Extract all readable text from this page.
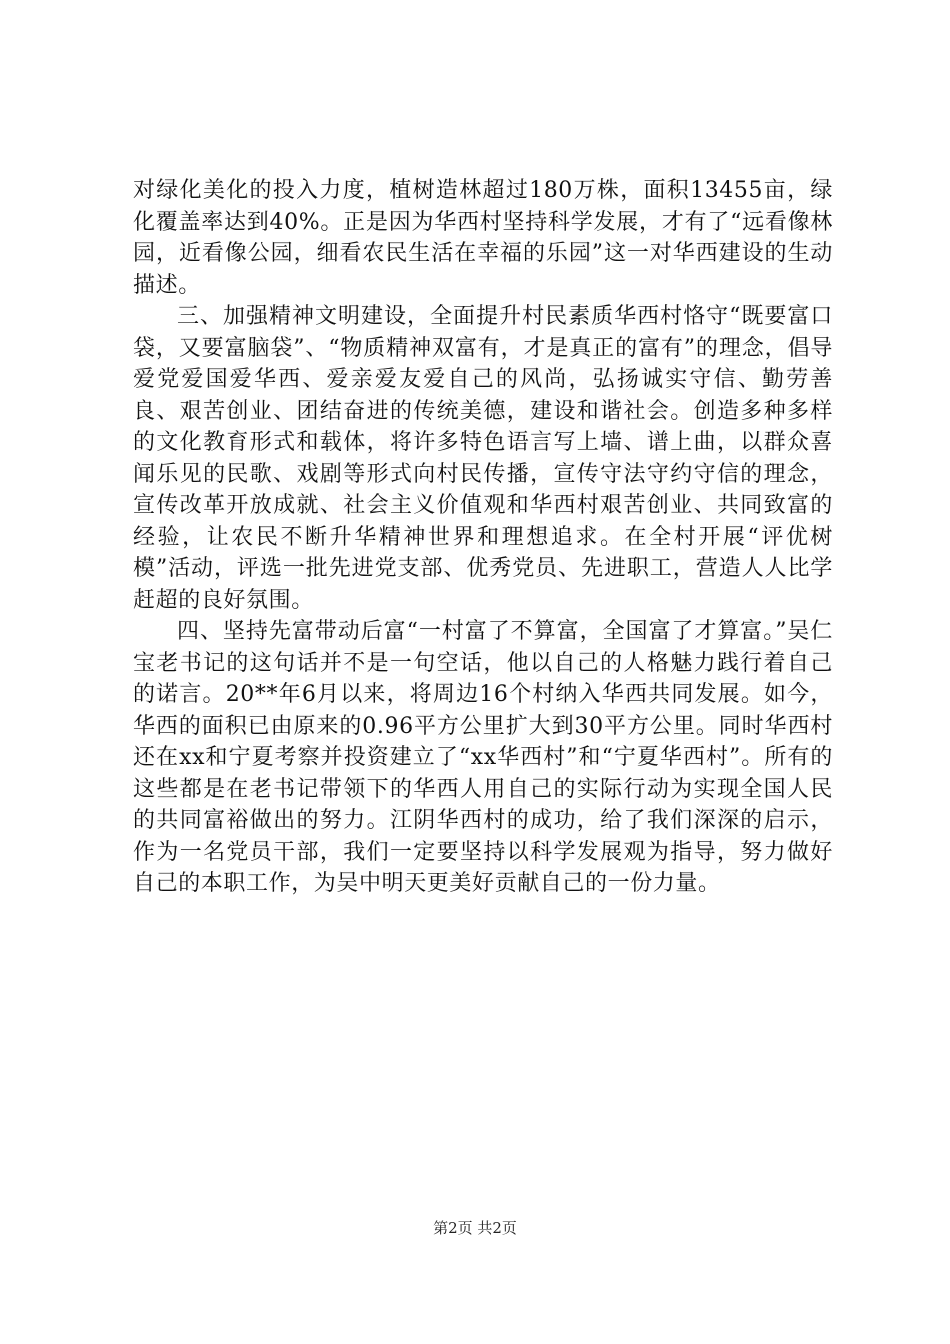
对绿化美化的投入力度，植树造林超过180万株，面积13455亩，绿化覆盖率达到40%。正是因为华西村坚持科学发展，才有了“远看像林园，近看像公园，细看农民生活在幸福的乐园”这一对华西建设的生动描述。

三、加强精神文明建设，全面提升村民素质华西村恪守“既要富口袋，又要富脑袋”、“物质精神双富有，才是真正的富有”的理念，倡导爱党爱国爱华西、爱亲爱友爱自己的风尚，弘扬诚实守信、勤劳善良、艰苦创业、团结奋进的传统美德，建设和谐社会。创造多种多样的文化教育形式和载体，将许多特色语言写上墙、谱上曲，以群众喜闻乐见的民歌、戏剧等形式向村民传播，宣传守法守约守信的理念，宣传改革开放成就、社会主义价值观和华西村艰苦创业、共同致富的经验，让农民不断升华精神世界和理想追求。在全村开展“评优树模”活动，评选一批先进党支部、优秀党员、先进职工，营造人人比学赶超的良好氛围。

四、坚持先富带动后富“一村富了不算富，全国富了才算富。”吴仁宝老书记的这句话并不是一句空话，他以自己的人格魅力践行着自己的诺言。20**年6月以来，将周边16个村纳入华西共同发展。如今，华西的面积已由原来的0.96平方公里扩大到30平方公里。同时华西村还在xx和宁夏考察并投资建立了“xx华西村”和“宁夏华西村”。所有的这些都是在老书记带领下的华西人用自己的实际行动为实现全国人民的共同富裕做出的努力。江阴华西村的成功，给了我们深深的启示，作为一名党员干部，我们一定要坚持以科学发展观为指导，努力做好自己的本职工作，为吴中明天更美好贡献自己的一份力量。

第2页 共2页
